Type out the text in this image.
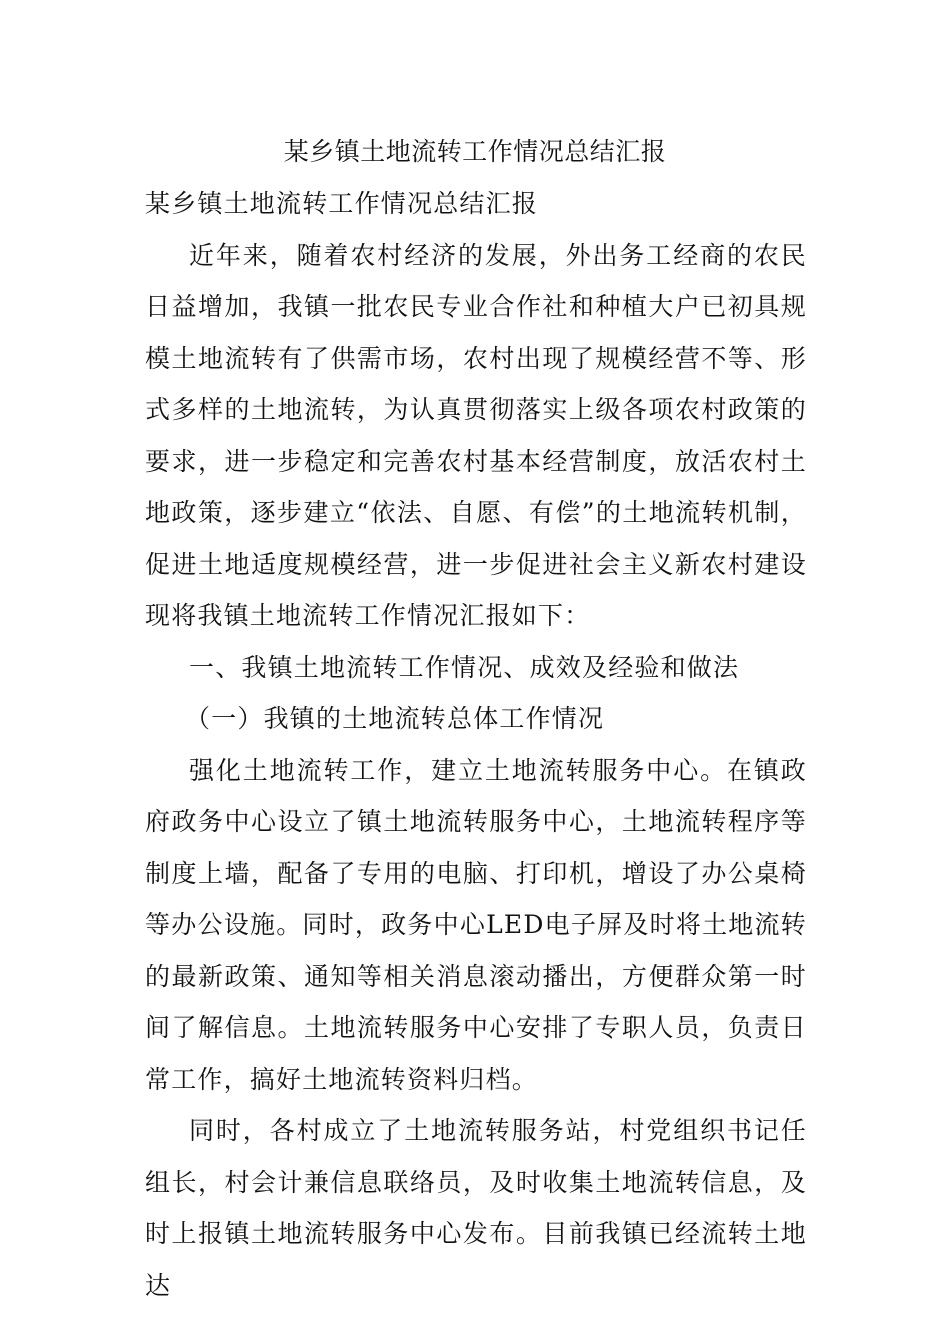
某乡镇土地流转工作情况总结汇报

某乡镇土地流转工作情况总结汇报

近年来，随着农村经济的发展，外出务工经商的农民日益增加，我镇一批农民专业合作社和种植大户已初具规模土地流转有了供需市场，农村出现了规模经营不等、形式多样的土地流转，为认真贯彻落实上级各项农村政策的要求，进一步稳定和完善农村基本经营制度，放活农村土地政策，逐步建立“依法、自愿、有偿”的土地流转机制，促进土地适度规模经营，进一步促进社会主义新农村建设现将我镇土地流转工作情况汇报如下：

一、我镇土地流转工作情况、成效及经验和做法

（一）我镇的土地流转总体工作情况

强化土地流转工作，建立土地流转服务中心。在镇政府政务中心设立了镇土地流转服务中心，土地流转程序等制度上墙，配备了专用的电脑、打印机，增设了办公桌椅等办公设施。同时，政务中心LED电子屏及时将土地流转的最新政策、通知等相关消息滚动播出，方便群众第一时间了解信息。土地流转服务中心安排了专职人员，负责日常工作，搞好土地流转资料归档。

同时，各村成立了土地流转服务站，村党组织书记任组长，村会计兼信息联络员，及时收集土地流转信息，及时上报镇土地流转服务中心发布。目前我镇已经流转土地达
